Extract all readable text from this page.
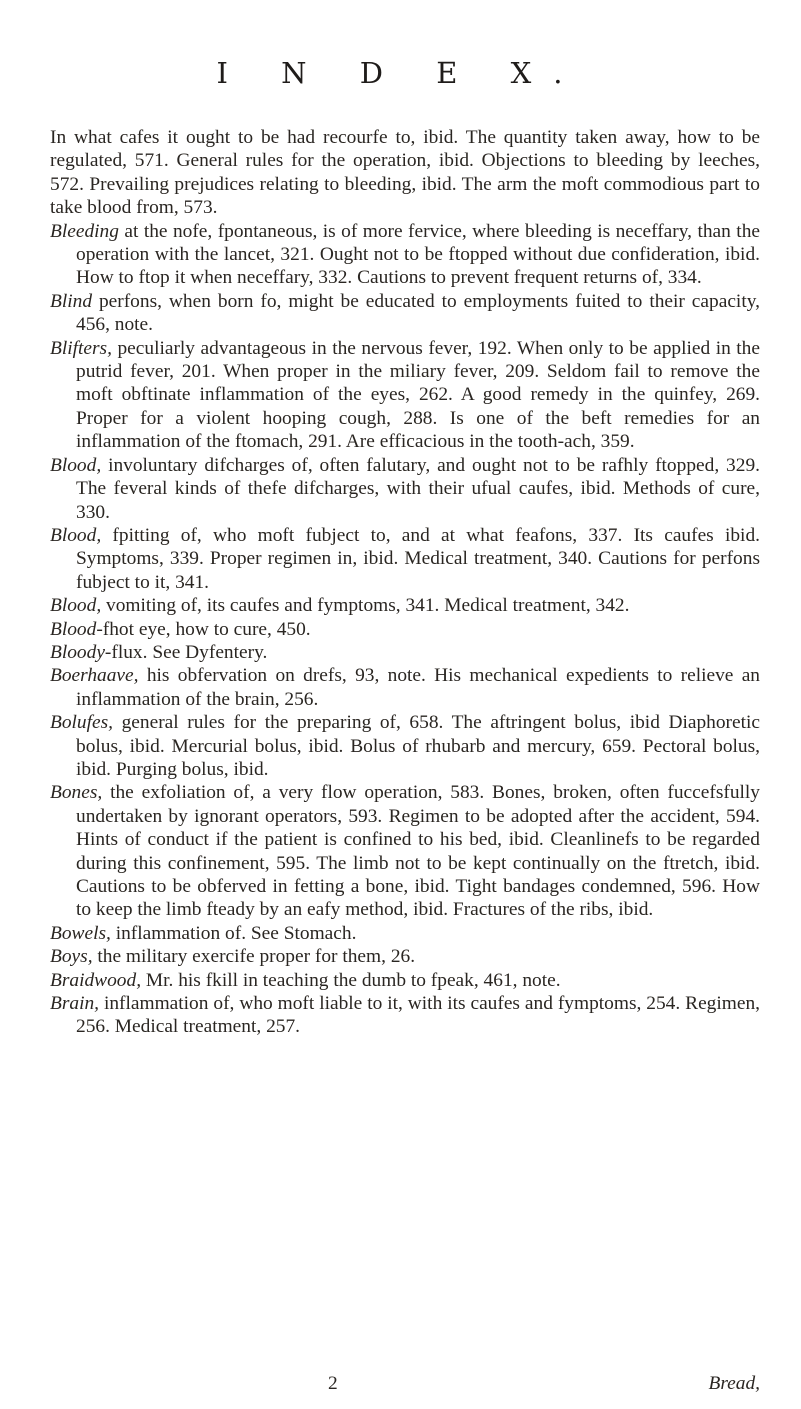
I N D E X.

In what cafes it ought to be had recourfe to, ibid. The quantity taken away, how to be regulated, 571. General rules for the operation, ibid. Objections to bleeding by leeches, 572. Prevailing prejudices relating to bleeding, ibid. The arm the moft commodious part to take blood from, 573.

Bleeding at the nofe, fpontaneous, is of more fervice, where bleeding is neceffary, than the operation with the lancet, 321. Ought not to be ftopped without due confideration, ibid. How to ftop it when neceffary, 332. Cautions to prevent frequent returns of, 334.

Blind perfons, when born fo, might be educated to employments fuited to their capacity, 456, note.

Blifters, peculiarly advantageous in the nervous fever, 192. When only to be applied in the putrid fever, 201. When proper in the miliary fever, 209. Seldom fail to remove the moft obftinate inflammation of the eyes, 262. A good remedy in the quinfey, 269. Proper for a violent hooping cough, 288. Is one of the beft remedies for an inflammation of the ftomach, 291. Are efficacious in the tooth-ach, 359.

Blood, involuntary difcharges of, often falutary, and ought not to be rafhly ftopped, 329. The feveral kinds of thefe difcharges, with their ufual caufes, ibid. Methods of cure, 330.

Blood, fpitting of, who moft fubject to, and at what feafons, 337. Its caufes ibid. Symptoms, 339. Proper regimen in, ibid. Medical treatment, 340. Cautions for perfons fubject to it, 341.

Blood, vomiting of, its caufes and fymptoms, 341. Medical treatment, 342.

Blood-fhot eye, how to cure, 450.

Bloody-flux. See Dyfentery.

Boerhaave, his obfervation on drefs, 93, note. His mechanical expedients to relieve an inflammation of the brain, 256.

Bolufes, general rules for the preparing of, 658. The aftringent bolus, ibid Diaphoretic bolus, ibid. Mercurial bolus, ibid. Bolus of rhubarb and mercury, 659. Pectoral bolus, ibid. Purging bolus, ibid.

Bones, the exfoliation of, a very flow operation, 583. Bones, broken, often fuccefsfully undertaken by ignorant operators, 593. Regimen to be adopted after the accident, 594. Hints of conduct if the patient is confined to his bed, ibid. Cleanlinefs to be regarded during this confinement, 595. The limb not to be kept continually on the ftretch, ibid. Cautions to be obferved in fetting a bone, ibid. Tight bandages condemned, 596. How to keep the limb fteady by an eafy method, ibid. Fractures of the ribs, ibid.

Bowels, inflammation of. See Stomach.

Boys, the military exercife proper for them, 26.

Braidwood, Mr. his fkill in teaching the dumb to fpeak, 461, note.

Brain, inflammation of, who moft liable to it, with its caufes and fymptoms, 254. Regimen, 256. Medical treatment, 257.

2	Bread,
